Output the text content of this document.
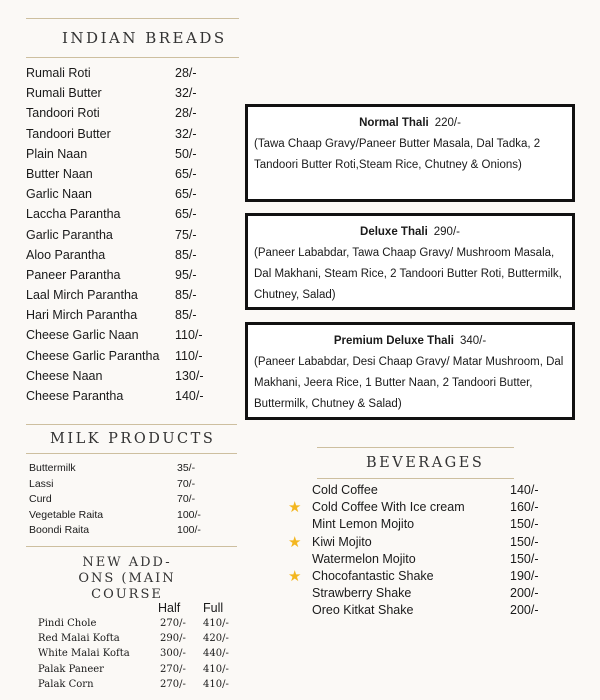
INDIAN BREADS
Rumali Roti	28/-
Rumali Butter	32/-
Tandoori Roti	28/-
Tandoori Butter	32/-
Plain Naan	50/-
Butter Naan	65/-
Garlic Naan	65/-
Laccha Parantha	65/-
Garlic Parantha	75/-
Aloo Parantha	85/-
Paneer Parantha	95/-
Laal Mirch Parantha	85/-
Hari Mirch Parantha	85/-
Cheese Garlic Naan	110/-
Cheese Garlic Parantha 110/-
Cheese Naan	130/-
Cheese Parantha	140/-
MILK PRODUCTS
Buttermilk	35/-
Lassi	70/-
Curd	70/-
Vegetable Raita	100/-
Boondi Raita	100/-
NEW ADD- ONS (MAIN COURSE
Half Full
Pindi Chole	270/- 410/-
Red Malai Kofta	290/- 420/-
White Malai Kofta	300/- 440/-
Palak Paneer	270/- 410/-
Palak Corn	270/- 410/-
Normal Thali 220/-
(Tawa Chaap Gravy/Paneer Butter Masala, Dal Tadka, 2 Tandoori Butter Roti,Steam Rice, Chutney & Onions)
Deluxe Thali 290/-
(Paneer Lababdar, Tawa Chaap Gravy/ Mushroom Masala, Dal Makhani, Steam Rice, 2 Tandoori Butter Roti, Buttermilk, Chutney, Salad)
Premium Deluxe Thali 340/-
(Paneer Lababdar, Desi Chaap Gravy/ Matar Mushroom, Dal Makhani, Jeera Rice, 1 Butter Naan, 2 Tandoori Butter, Buttermilk, Chutney & Salad)
BEVERAGES
Cold Coffee	140/-
★ Cold Coffee With Ice cream	160/-
Mint Lemon Mojito	150/-
★ Kiwi Mojito	150/-
Watermelon Mojito	150/-
★ Chocofantastic Shake	190/-
Strawberry Shake	200/-
Oreo Kitkat Shake	200/-
